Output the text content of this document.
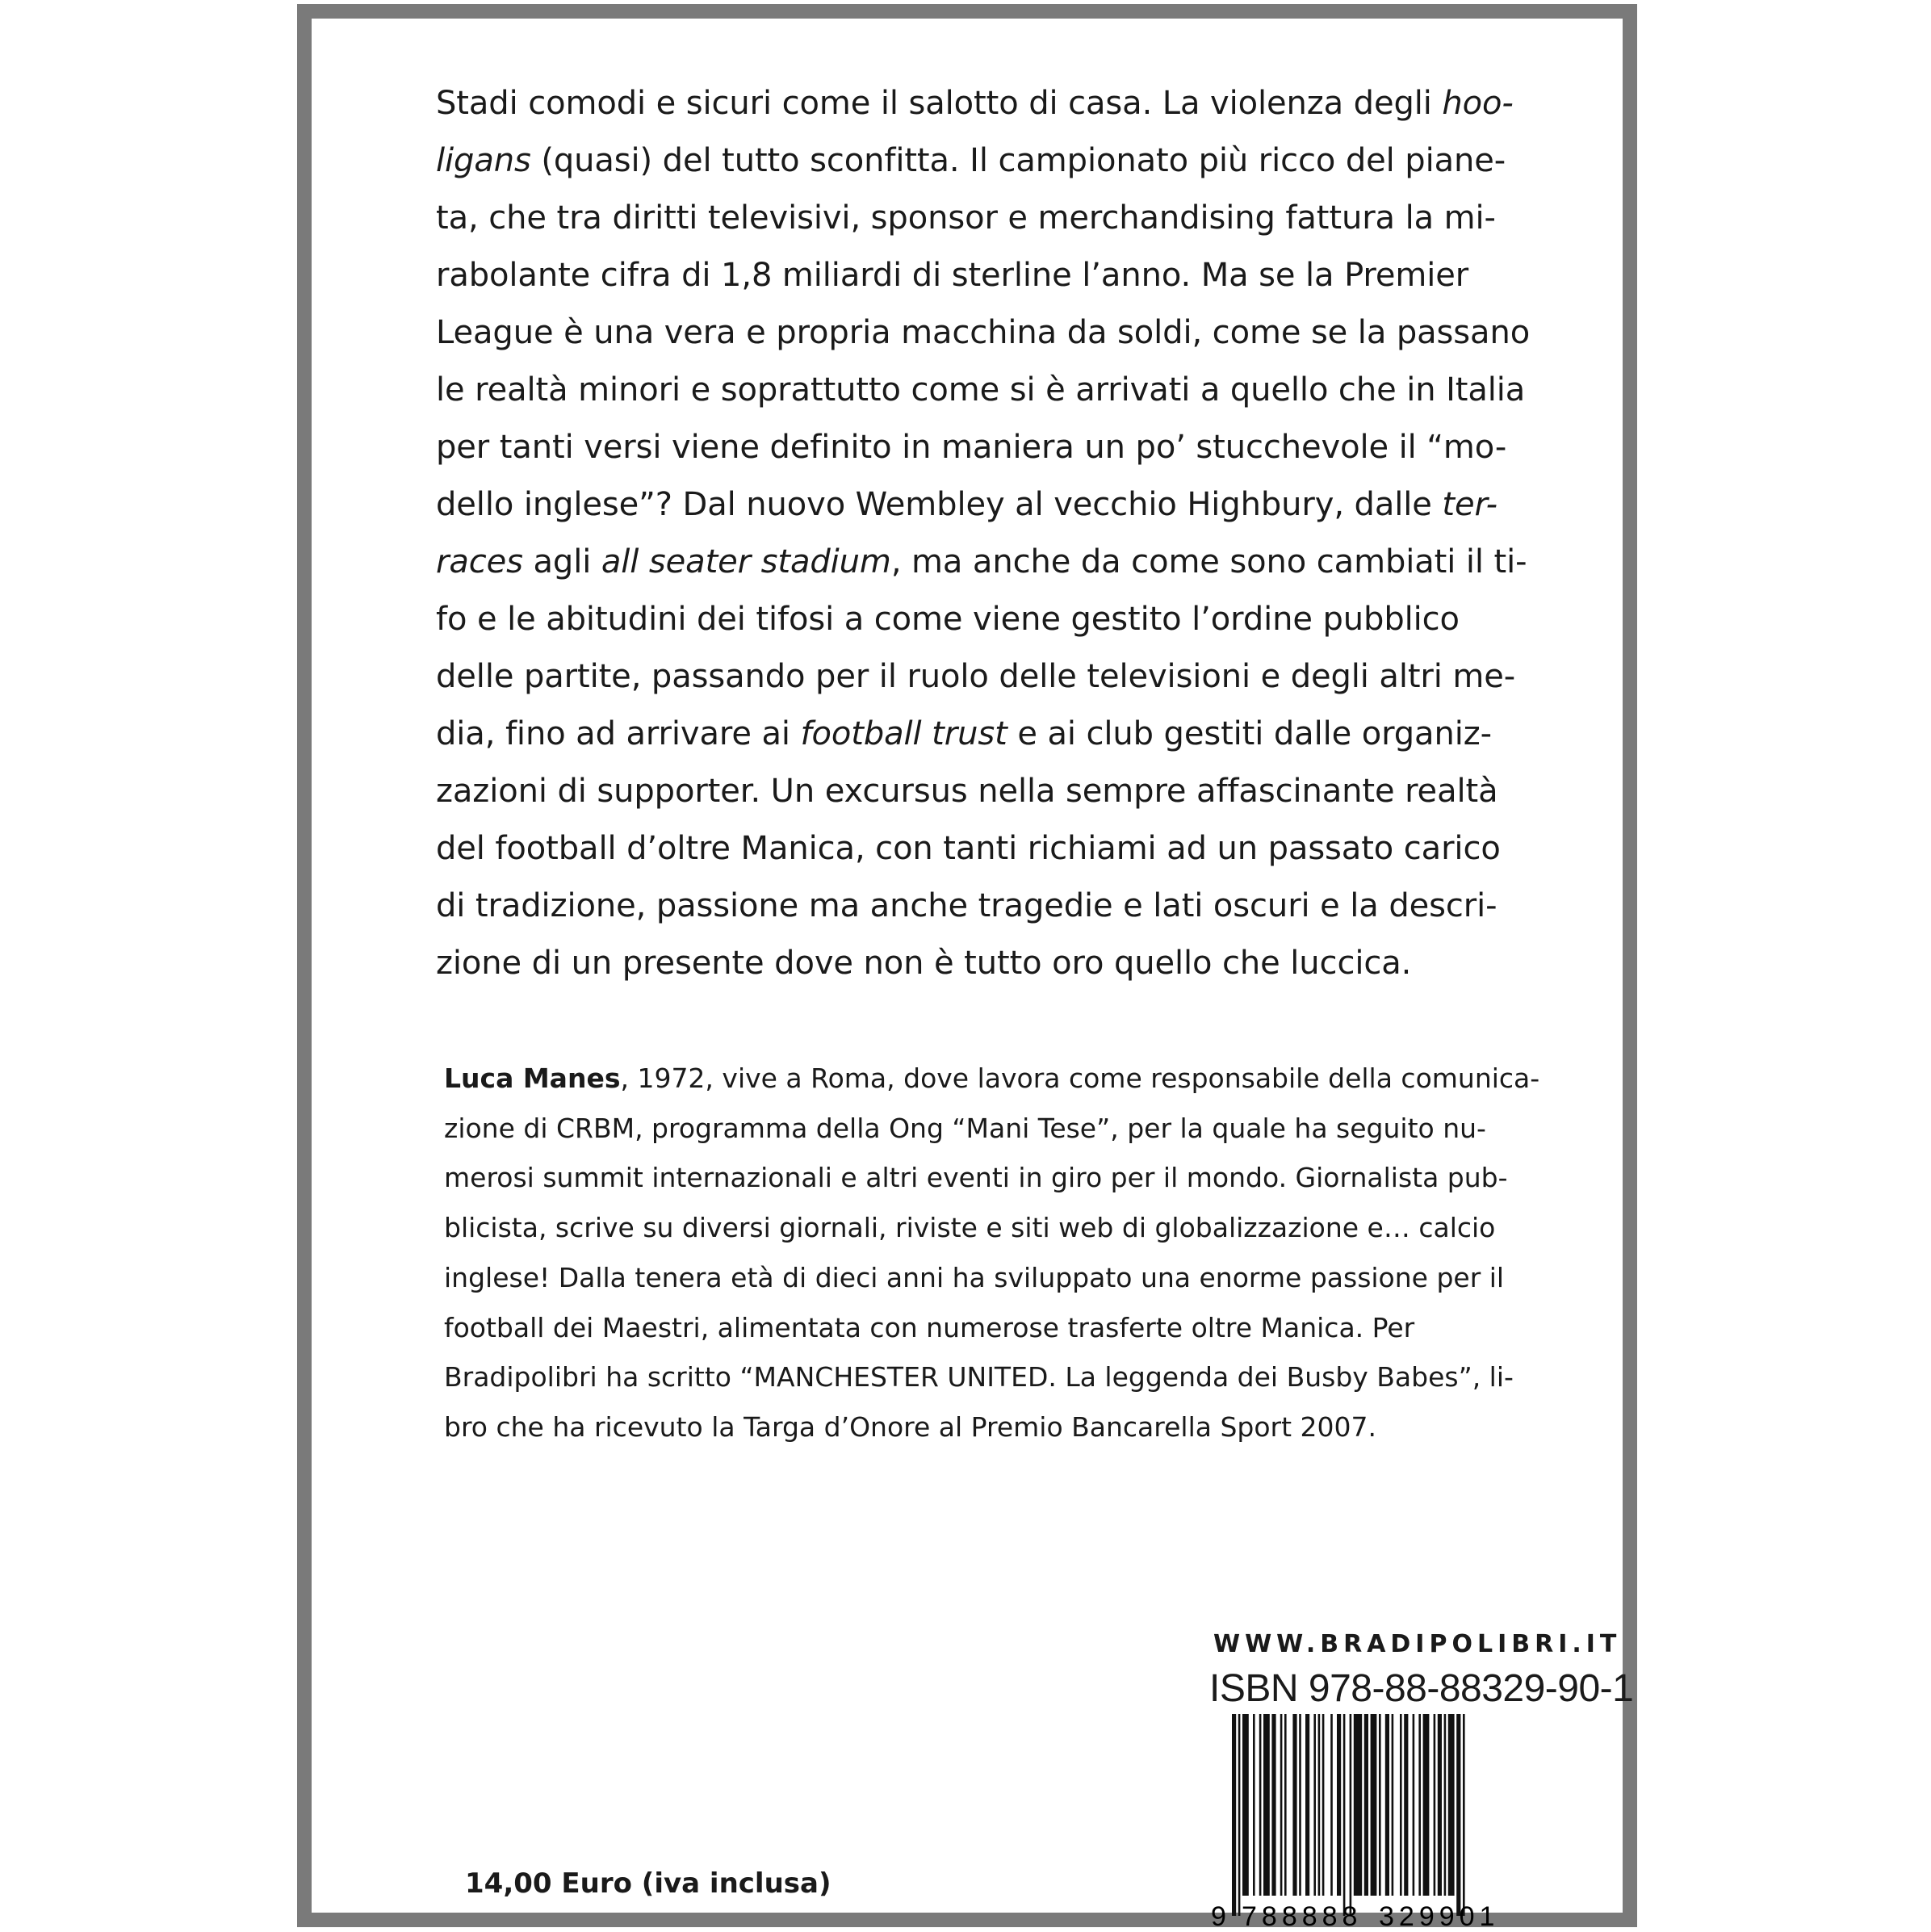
Stadi comodi e sicuri come il salotto di casa. La violenza degli hoo-
ligans (quasi) del tutto sconfitta. Il campionato più ricco del piane-
ta, che tra diritti televisivi, sponsor e merchandising fattura la mi-
rabolante cifra di 1,8 miliardi di sterline l’anno. Ma se la Premier
League è una vera e propria macchina da soldi, come se la passano
le realtà minori e soprattutto come si è arrivati a quello che in Italia
per tanti versi viene definito in maniera un po’ stucchevole il “mo-
dello inglese”? Dal nuovo Wembley al vecchio Highbury, dalle ter-
races agli all seater stadium, ma anche da come sono cambiati il ti-
fo e le abitudini dei tifosi a come viene gestito l’ordine pubblico
delle partite, passando per il ruolo delle televisioni e degli altri me-
dia, fino ad arrivare ai football trust e ai club gestiti dalle organiz-
zazioni di supporter. Un excursus nella sempre affascinante realtà
del football d’oltre Manica, con tanti richiami ad un passato carico
di tradizione, passione ma anche tragedie e lati oscuri e la descri-
zione di un presente dove non è tutto oro quello che luccica.

Luca Manes, 1972, vive a Roma, dove lavora come responsabile della comunica-
zione di CRBM, programma della Ong “Mani Tese”, per la quale ha seguito nu-
merosi summit internazionali e altri eventi in giro per il mondo. Giornalista pub-
blicista, scrive su diversi giornali, riviste e siti web di globalizzazione e… calcio
inglese! Dalla tenera età di dieci anni ha sviluppato una enorme passione per il
football dei Maestri, alimentata con numerose trasferte oltre Manica. Per
Bradipolibri ha scritto “MANCHESTER UNITED. La leggenda dei Busby Babes”, li-
bro che ha ricevuto la Targa d’Onore al Premio Bancarella Sport 2007.

WWW.BRADIPOLIBRI.IT
ISBN 978-88-88329-90-1
9 788888 329901
14,00 Euro (iva inclusa)
